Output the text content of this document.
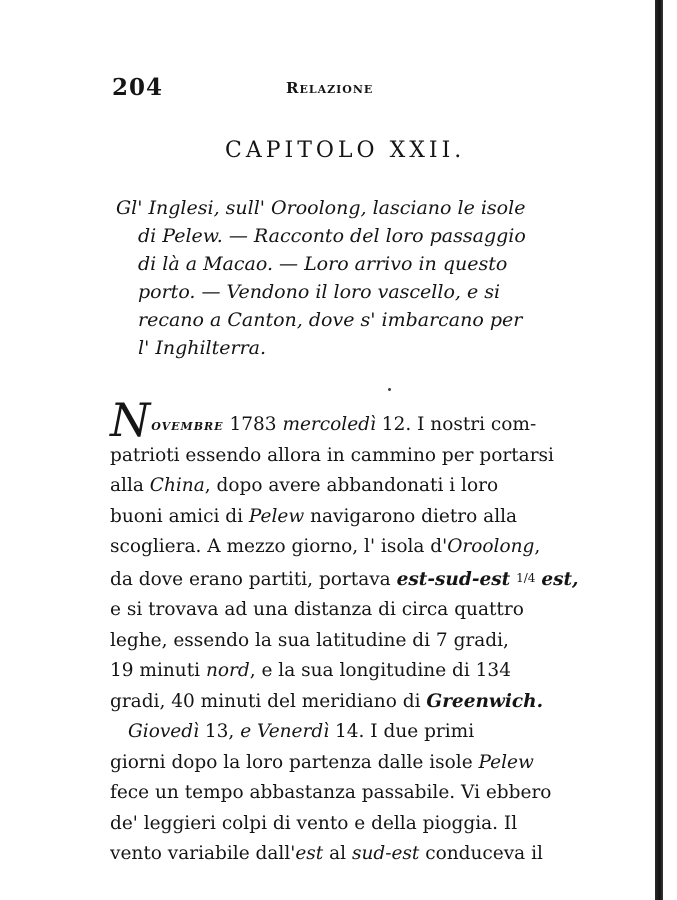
204	Relazione
CAPITOLO XXII.
Gl' Inglesi, sull' Oroolong, lasciano le isole
di Pelew. — Racconto del loro passaggio
di là a Macao. — Loro arrivo in questo
porto. — Vendono il loro vascello, e si
recano a Canton, dove s' imbarcano per
l' Inghilterra.
Novembre 1783 mercoledì 12. I nostri com-
patrioti essendo allora in cammino per portarsi
alla China, dopo avere abbandonati i loro
buoni amici di Pelew navigarono dietro alla
scogliera. A mezzo giorno, l' isola d'Oroolong,
da dove erano partiti, portava est-sud-est 1/4 est,
e si trovava ad una distanza di circa quattro
leghe, essendo la sua latitudine di 7 gradi,
19 minuti nord, e la sua longitudine di 134
gradi, 40 minuti del meridiano di Greenwich.
Giovedì 13, e Venerdì 14. I due primi
giorni dopo la loro partenza dalle isole Pelew
fece un tempo abbastanza passabile. Vi ebbero
de' leggieri colpi di vento e della pioggia. Il
vento variabile dall'est al sud-est conduceva il
